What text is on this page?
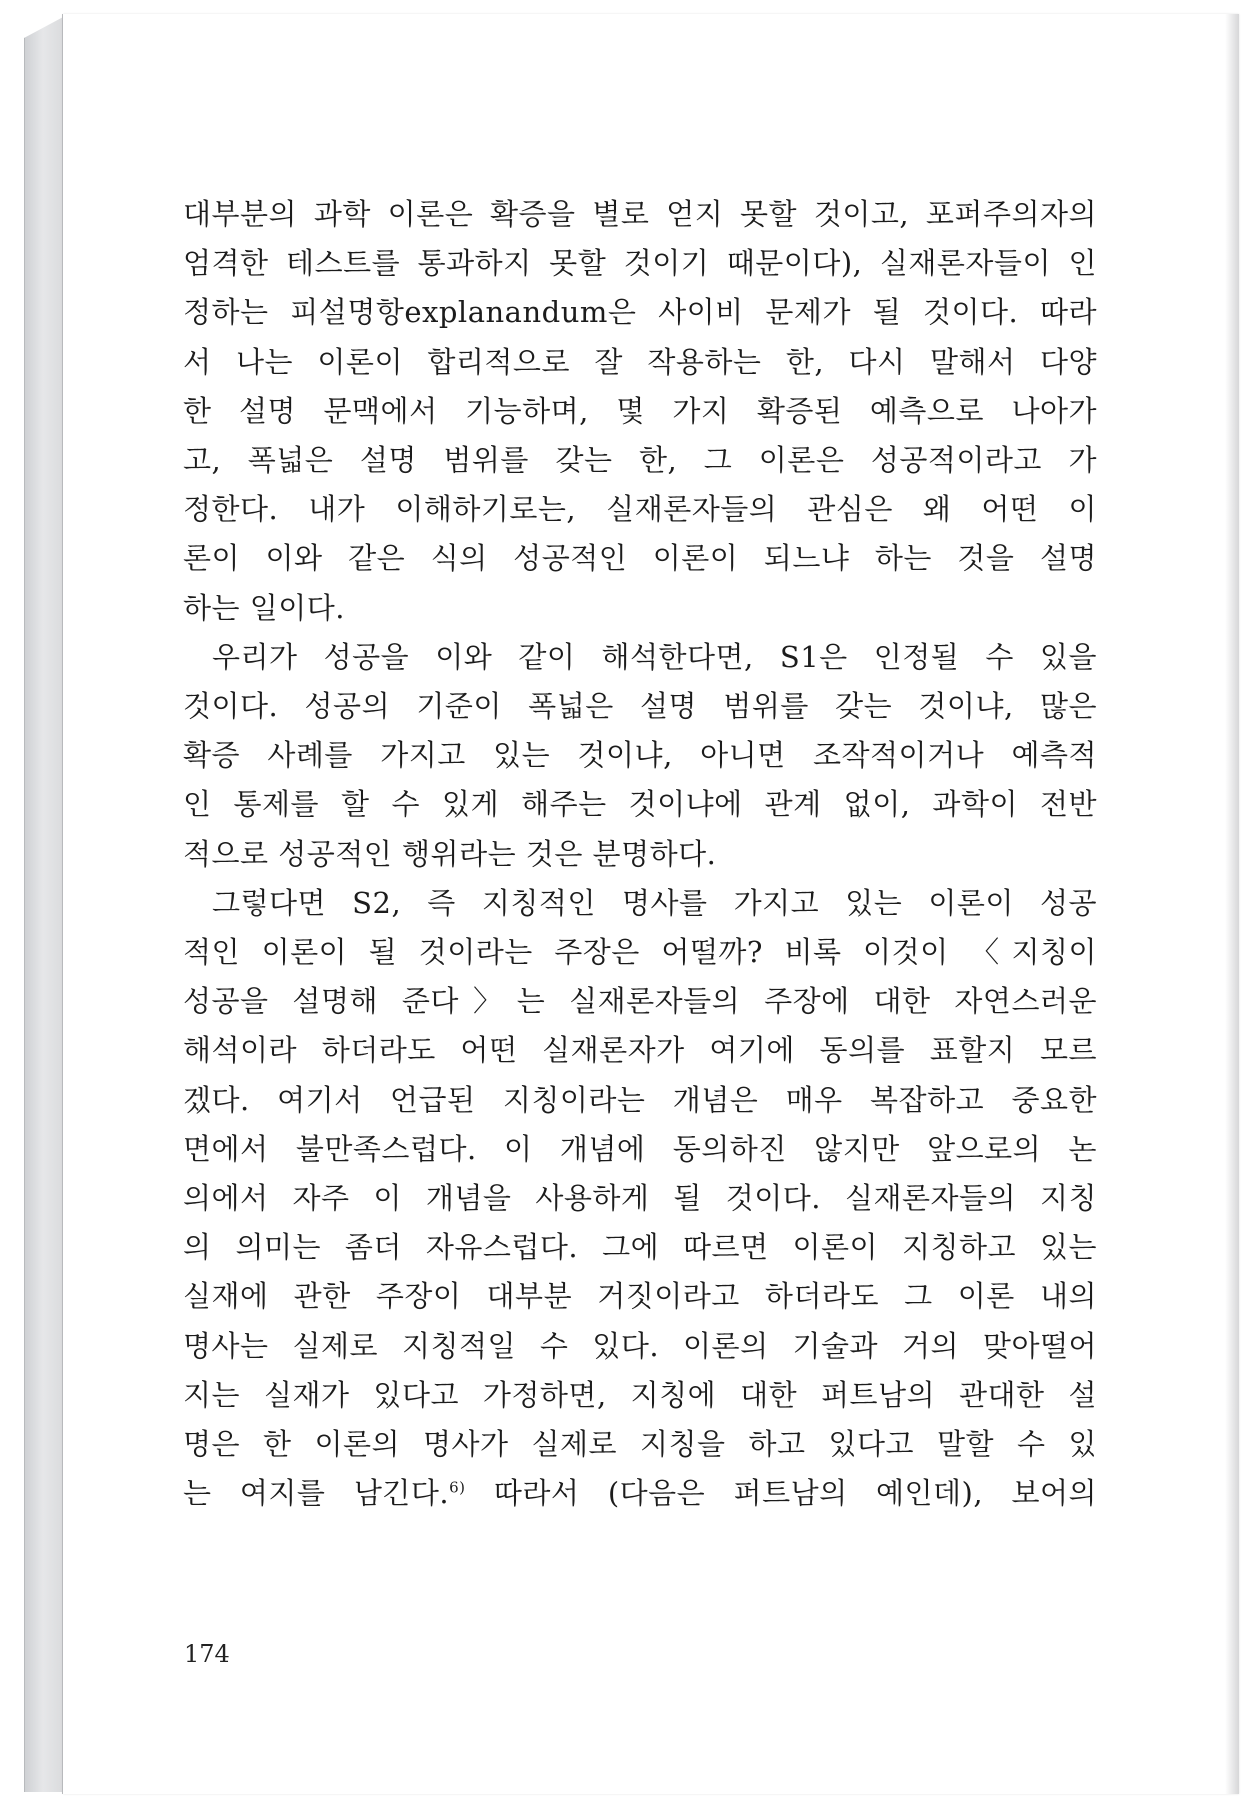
대부분의 과학 이론은 확증을 별로 얻지 못할 것이고, 포퍼주의자의
엄격한 테스트를 통과하지 못할 것이기 때문이다), 실재론자들이 인
정하는 피설명항explanandum은 사이비 문제가 될 것이다. 따라
서 나는 이론이 합리적으로 잘 작용하는 한, 다시 말해서 다양
한 설명 문맥에서 기능하며, 몇 가지 확증된 예측으로 나아가
고, 폭넓은 설명 범위를 갖는 한, 그 이론은 성공적이라고 가
정한다. 내가 이해하기로는, 실재론자들의 관심은 왜 어떤 이
론이 이와 같은 식의 성공적인 이론이 되느냐 하는 것을 설명
하는 일이다.
우리가 성공을 이와 같이 해석한다면, S1은 인정될 수 있을
것이다. 성공의 기준이 폭넓은 설명 범위를 갖는 것이냐, 많은
확증 사례를 가지고 있는 것이냐, 아니면 조작적이거나 예측적
인 통제를 할 수 있게 해주는 것이냐에 관계 없이, 과학이 전반
적으로 성공적인 행위라는 것은 분명하다.
그렇다면 S2, 즉 지칭적인 명사를 가지고 있는 이론이 성공
적인 이론이 될 것이라는 주장은 어떨까? 비록 이것이 〈지칭이
성공을 설명해 준다〉는 실재론자들의 주장에 대한 자연스러운
해석이라 하더라도 어떤 실재론자가 여기에 동의를 표할지 모르
겠다. 여기서 언급된 지칭이라는 개념은 매우 복잡하고 중요한
면에서 불만족스럽다. 이 개념에 동의하진 않지만 앞으로의 논
의에서 자주 이 개념을 사용하게 될 것이다. 실재론자들의 지칭
의 의미는 좀더 자유스럽다. 그에 따르면 이론이 지칭하고 있는
실재에 관한 주장이 대부분 거짓이라고 하더라도 그 이론 내의
명사는 실제로 지칭적일 수 있다. 이론의 기술과 거의 맞아떨어
지는 실재가 있다고 가정하면, 지칭에 대한 퍼트남의 관대한 설
명은 한 이론의 명사가 실제로 지칭을 하고 있다고 말할 수 있
는 여지를 남긴다.$^{6)}$ 따라서 (다음은 퍼트남의 예인데), 보어의
174
